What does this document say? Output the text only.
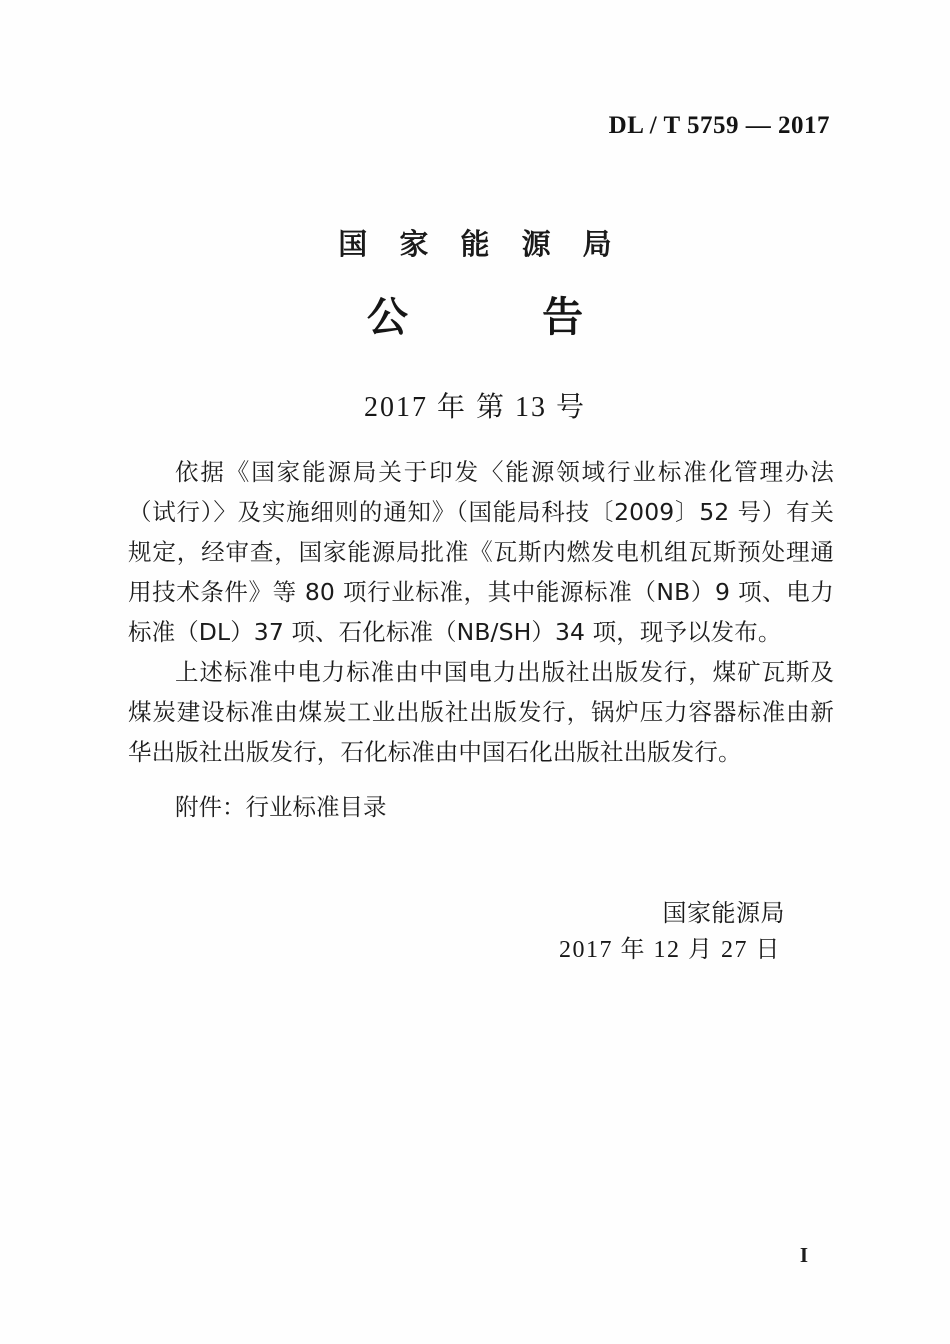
DL / T 5759 — 2017
国 家 能 源 局
公 告
2017 年 第 13 号

依据《国家能源局关于印发〈能源领域行业标准化管理办法（试行）〉及实施细则的通知》（国能局科技〔2009〕52 号）有关规定，经审查，国家能源局批准《瓦斯内燃发电机组瓦斯预处理通用技术条件》等 80 项行业标准，其中能源标准（NB）9 项、电力标准（DL）37 项、石化标准（NB/SH）34 项，现予以发布。

上述标准中电力标准由中国电力出版社出版发行，煤矿瓦斯及煤炭建设标准由煤炭工业出版社出版发行，锅炉压力容器标准由新华出版社出版发行，石化标准由中国石化出版社出版发行。

附件：行业标准目录
国家能源局
2017 年 12 月 27 日
I
